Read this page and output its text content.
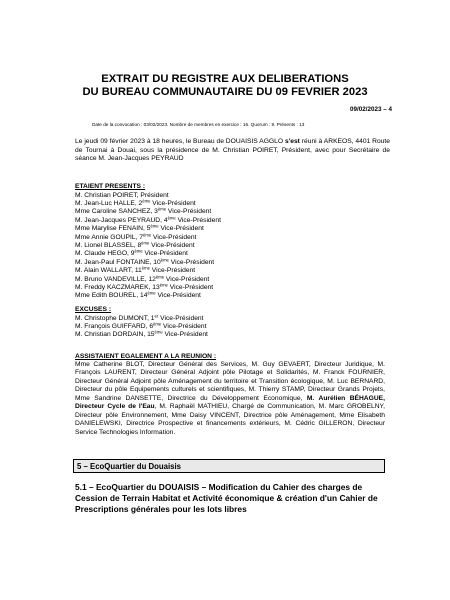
EXTRAIT DU REGISTRE AUX DELIBERATIONS
DU BUREAU COMMUNAUTAIRE DU 09 FEVRIER 2023
09/02/2023 – 4
Date de la convocation : 03/02/2023. Nombre de membres en exercice : 16. Quorum : 9. Présents : 13
Le jeudi 09 février 2023 à 18 heures, le Bureau de DOUAISIS AGGLO s'est réuni à ARKEOS, 4401 Route de Tournai à Douai, sous la présidence de M. Christian POIRET, Président, avec pour Secrétaire de séance M. Jean-Jacques PEYRAUD
ETAIENT PRESENTS :
M. Christian POIRET, Président
M. Jean-Luc HALLE, 2ème Vice-Président
Mme Caroline SANCHEZ, 3ème Vice-Président
M. Jean-Jacques PEYRAUD, 4ème Vice-Président
Mme Marylise FENAIN, 5ème Vice-Président
Mme Annie GOUPIL, 7ème Vice-Président
M. Lionel BLASSEL, 8ème Vice-Président
M. Claude HEGO, 9ème Vice-Président
M. Jean-Paul FONTAINE, 10ème Vice-Président
M. Alain WALLART, 11ème Vice-Président
M. Bruno VANDEVILLE, 12ème Vice-Président
M. Freddy KACZMAREK, 13ème Vice-Président
Mme Edith BOUREL, 14ème Vice-Président
EXCUSES :
M. Christophe DUMONT, 1er Vice-Président
M. François GUIFFARD, 6ème Vice-Président
M. Christian DORDAIN, 15ème Vice-Président
ASSISTAIENT EGALEMENT A LA REUNION :
Mme Catherine BLOT, Directeur Général des Services, M. Guy GEVAERT, Directeur Juridique, M. François LAURENT, Directeur Général Adjoint pôle Pilotage et Solidarités, M. Franck FOURNIER, Directeur Général Adjoint pôle Aménagement du territoire et Transition écologique, M. Luc BERNARD, Directeur du pôle Equipements culturels et scientifiques, M. Thierry STAMP, Directeur Grands Projets, Mme Sandrine DANSETTE, Directrice du Développement Economique, M. Aurélien BÉHAGUE, Directeur Cycle de l'Eau, M. Raphaël MATHIEU, Chargé de Communication, M. Marc GROBELNY, Directeur pôle Environnement, Mme Daisy VINCENT, Directrice pôle Aménagement, Mme Elisabeth DANIELEWSKI, Directrice Prospective et financements extérieurs, M. Cédric GILLERON, Directeur Service Technologies Information.
5 – EcoQuartier du Douaisis
5.1 – EcoQuartier du DOUAISIS – Modification du Cahier des charges de Cession de Terrain Habitat et Activité économique & création d'un Cahier de Prescriptions générales pour les lots libres
